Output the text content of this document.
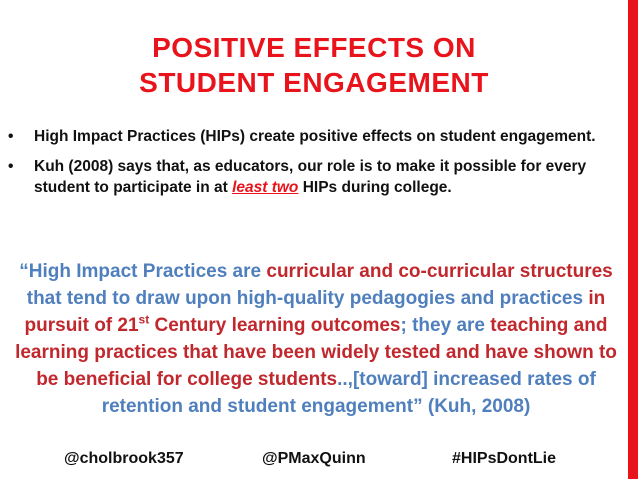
POSITIVE EFFECTS ON
STUDENT ENGAGEMENT
• High Impact Practices (HIPs) create positive effects on student engagement.
• Kuh (2008) says that, as educators, our role is to make it possible for every student to participate in at least two HIPs during college.
“High Impact Practices are curricular and co-curricular structures that tend to draw upon high-quality pedagogies and practices in pursuit of 21st Century learning outcomes; they are teaching and learning practices that have been widely tested and have shown to be beneficial for college students..,[toward] increased rates of retention and student engagement” (Kuh, 2008)
@cholbrook357	@PMaxQuinn	#HIPsDontLie
